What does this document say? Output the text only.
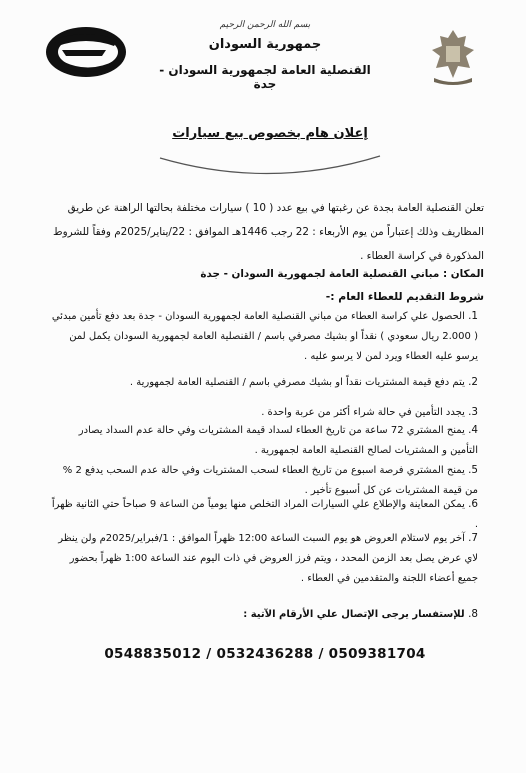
بسم الله الرحمن الرحيم
جمهورية السودان
القنصلية العامة لجمهورية السودان - جدة
إعلان هام بخصوص بيع سيارات
تعلن القنصلية العامة بجدة عن رغبتها في بيع عدد ( 10 ) سيارات مختلفة بحالتها الراهنة عن طريق المظاريف وذلك إعتباراً من يوم الأربعاء : 22 رجب 1446هـ الموافق : 22/يناير/2025م وفقاً للشروط المذكورة في كراسة العطاء .
المكان : مباني القنصلية العامة لجمهورية السودان - جدة
شروط التقديم للعطاء العام :-
1. الحصول علي كراسة العطاء من مباني القنصلية العامة لجمهورية السودان - جدة بعد دفع تأمين مبدئي ( 2.000 ريال سعودي ) نقداً او بشيك مصرفي باسم / القنصلية العامة لجمهورية السودان يكمل لمن يرسو عليه العطاء ويرد لمن لا يرسو عليه .
2. يتم دفع قيمة المشتريات نقداً او بشيك مصرفي باسم / القنصلية العامة لجمهورية .
3. يجدد التأمين في حالة شراء أكثر من عربة واحدة .
4. يمنح المشتري 72 ساعة من تاريخ العطاء لسداد قيمة المشتريات وفي حالة عدم السداد يصادر التأمين و المشتريات لصالح القنصلية العامة لجمهورية .
5. يمنح المشتري فرصة اسبوع من تاريخ العطاء لسحب المشتريات وفي حالة عدم السحب يدفع 2 % من قيمة المشتريات عن كل أسبوع تأخير .
6. يمكن المعاينة والإطلاع علي السيارات المراد التخلص منها يومياً من الساعة 9 صباحاً حتي الثانية ظهراً .
7. آخر يوم لاستلام العروض هو يوم السبت الساعة 12:00 ظهراً الموافق : 1/فبراير/2025م ولن ينظر لاي عرض يصل بعد الزمن المحدد ، ويتم فرز العروض في ذات اليوم عند الساعة 1:00 ظهراً بحضور جميع أعضاء اللجنة والمتقدمين في العطاء .
8. للإستفسار يرجى الإتصال علي الأرقام الآتية :
0548835012 / 0532436288 / 0509381704
